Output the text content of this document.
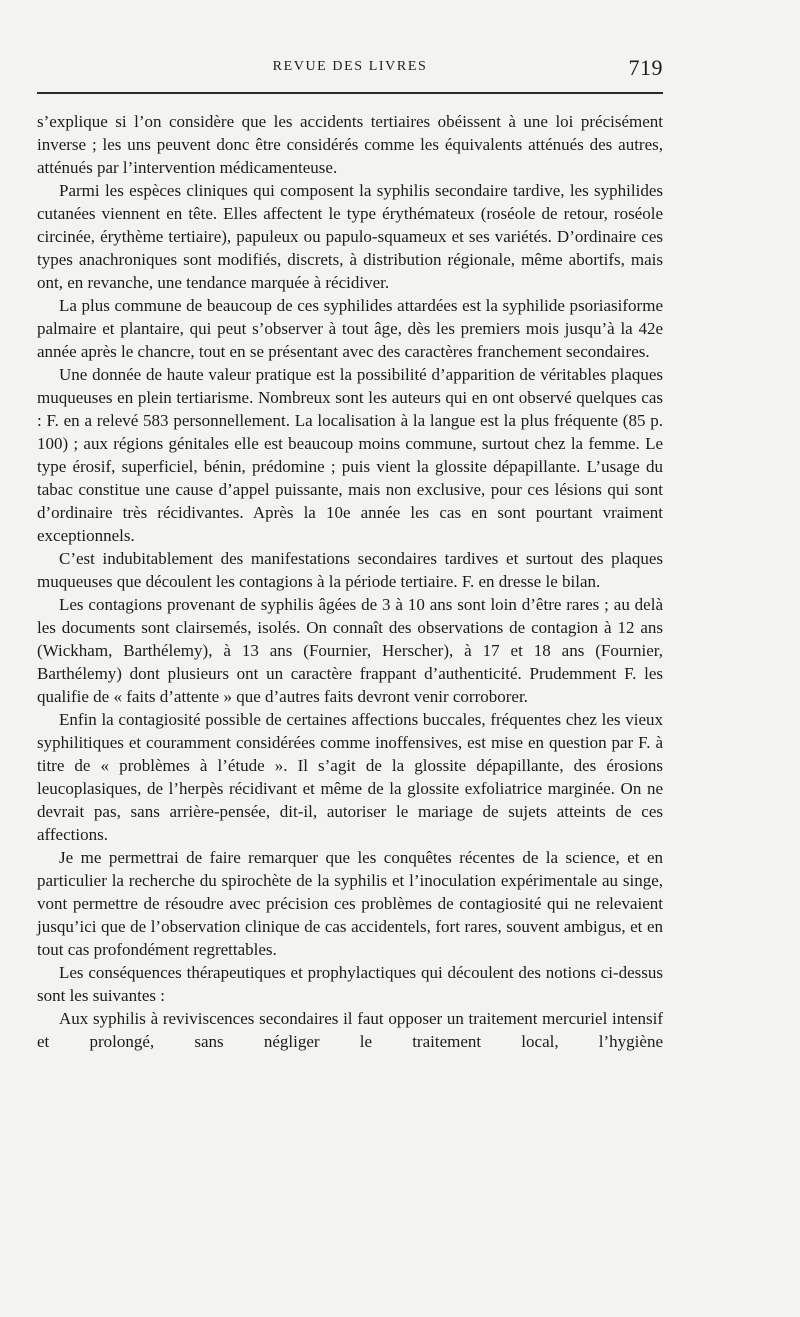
REVUE DES LIVRES	719

s’explique si l’on considère que les accidents tertiaires obéissent à une loi précisément inverse ; les uns peuvent donc être considérés comme les équivalents atténués des autres, atténués par l’intervention médicamenteuse.

Parmi les espèces cliniques qui composent la syphilis secondaire tardive, les syphilides cutanées viennent en tête. Elles affectent le type érythémateux (roséole de retour, roséole circinée, érythème tertiaire), papuleux ou papulo-squameux et ses variétés. D’ordinaire ces types anachroniques sont modifiés, discrets, à distribution régionale, même abortifs, mais ont, en revanche, une tendance marquée à récidiver.

La plus commune de beaucoup de ces syphilides attardées est la syphilide psoriasiforme palmaire et plantaire, qui peut s’observer à tout âge, dès les premiers mois jusqu’à la 42e année après le chancre, tout en se présentant avec des caractères franchement secondaires.

Une donnée de haute valeur pratique est la possibilité d’apparition de véritables plaques muqueuses en plein tertiarisme. Nombreux sont les auteurs qui en ont observé quelques cas : F. en a relevé 583 personnellement. La localisation à la langue est la plus fréquente (85 p. 100) ; aux régions génitales elle est beaucoup moins commune, surtout chez la femme. Le type érosif, superficiel, bénin, prédomine ; puis vient la glossite dépapillante. L’usage du tabac constitue une cause d’appel puissante, mais non exclusive, pour ces lésions qui sont d’ordinaire très récidivantes. Après la 10e année les cas en sont pourtant vraiment exceptionnels.

C’est indubitablement des manifestations secondaires tardives et surtout des plaques muqueuses que découlent les contagions à la période tertiaire. F. en dresse le bilan.

Les contagions provenant de syphilis âgées de 3 à 10 ans sont loin d’être rares ; au delà les documents sont clairsemés, isolés. On connaît des observations de contagion à 12 ans (Wickham, Barthélemy), à 13 ans (Fournier, Herscher), à 17 et 18 ans (Fournier, Barthélemy) dont plusieurs ont un caractère frappant d’authenticité. Prudemment F. les qualifie de « faits d’attente » que d’autres faits devront venir corroborer.

Enfin la contagiosité possible de certaines affections buccales, fréquentes chez les vieux syphilitiques et couramment considérées comme inoffensives, est mise en question par F. à titre de « problèmes à l’étude ». Il s’agit de la glossite dépapillante, des érosions leucoplasiques, de l’herpès récidivant et même de la glossite exfoliatrice marginée. On ne devrait pas, sans arrière-pensée, dit-il, autoriser le mariage de sujets atteints de ces affections.

Je me permettrai de faire remarquer que les conquêtes récentes de la science, et en particulier la recherche du spirochète de la syphilis et l’inoculation expérimentale au singe, vont permettre de résoudre avec précision ces problèmes de contagiosité qui ne relevaient jusqu’ici que de l’observation clinique de cas accidentels, fort rares, souvent ambigus, et en tout cas profondément regrettables.

Les conséquences thérapeutiques et prophylactiques qui découlent des notions ci-dessus sont les suivantes :

Aux syphilis à reviviscences secondaires il faut opposer un traitement mercuriel intensif et prolongé, sans négliger le traitement local, l’hygiène
